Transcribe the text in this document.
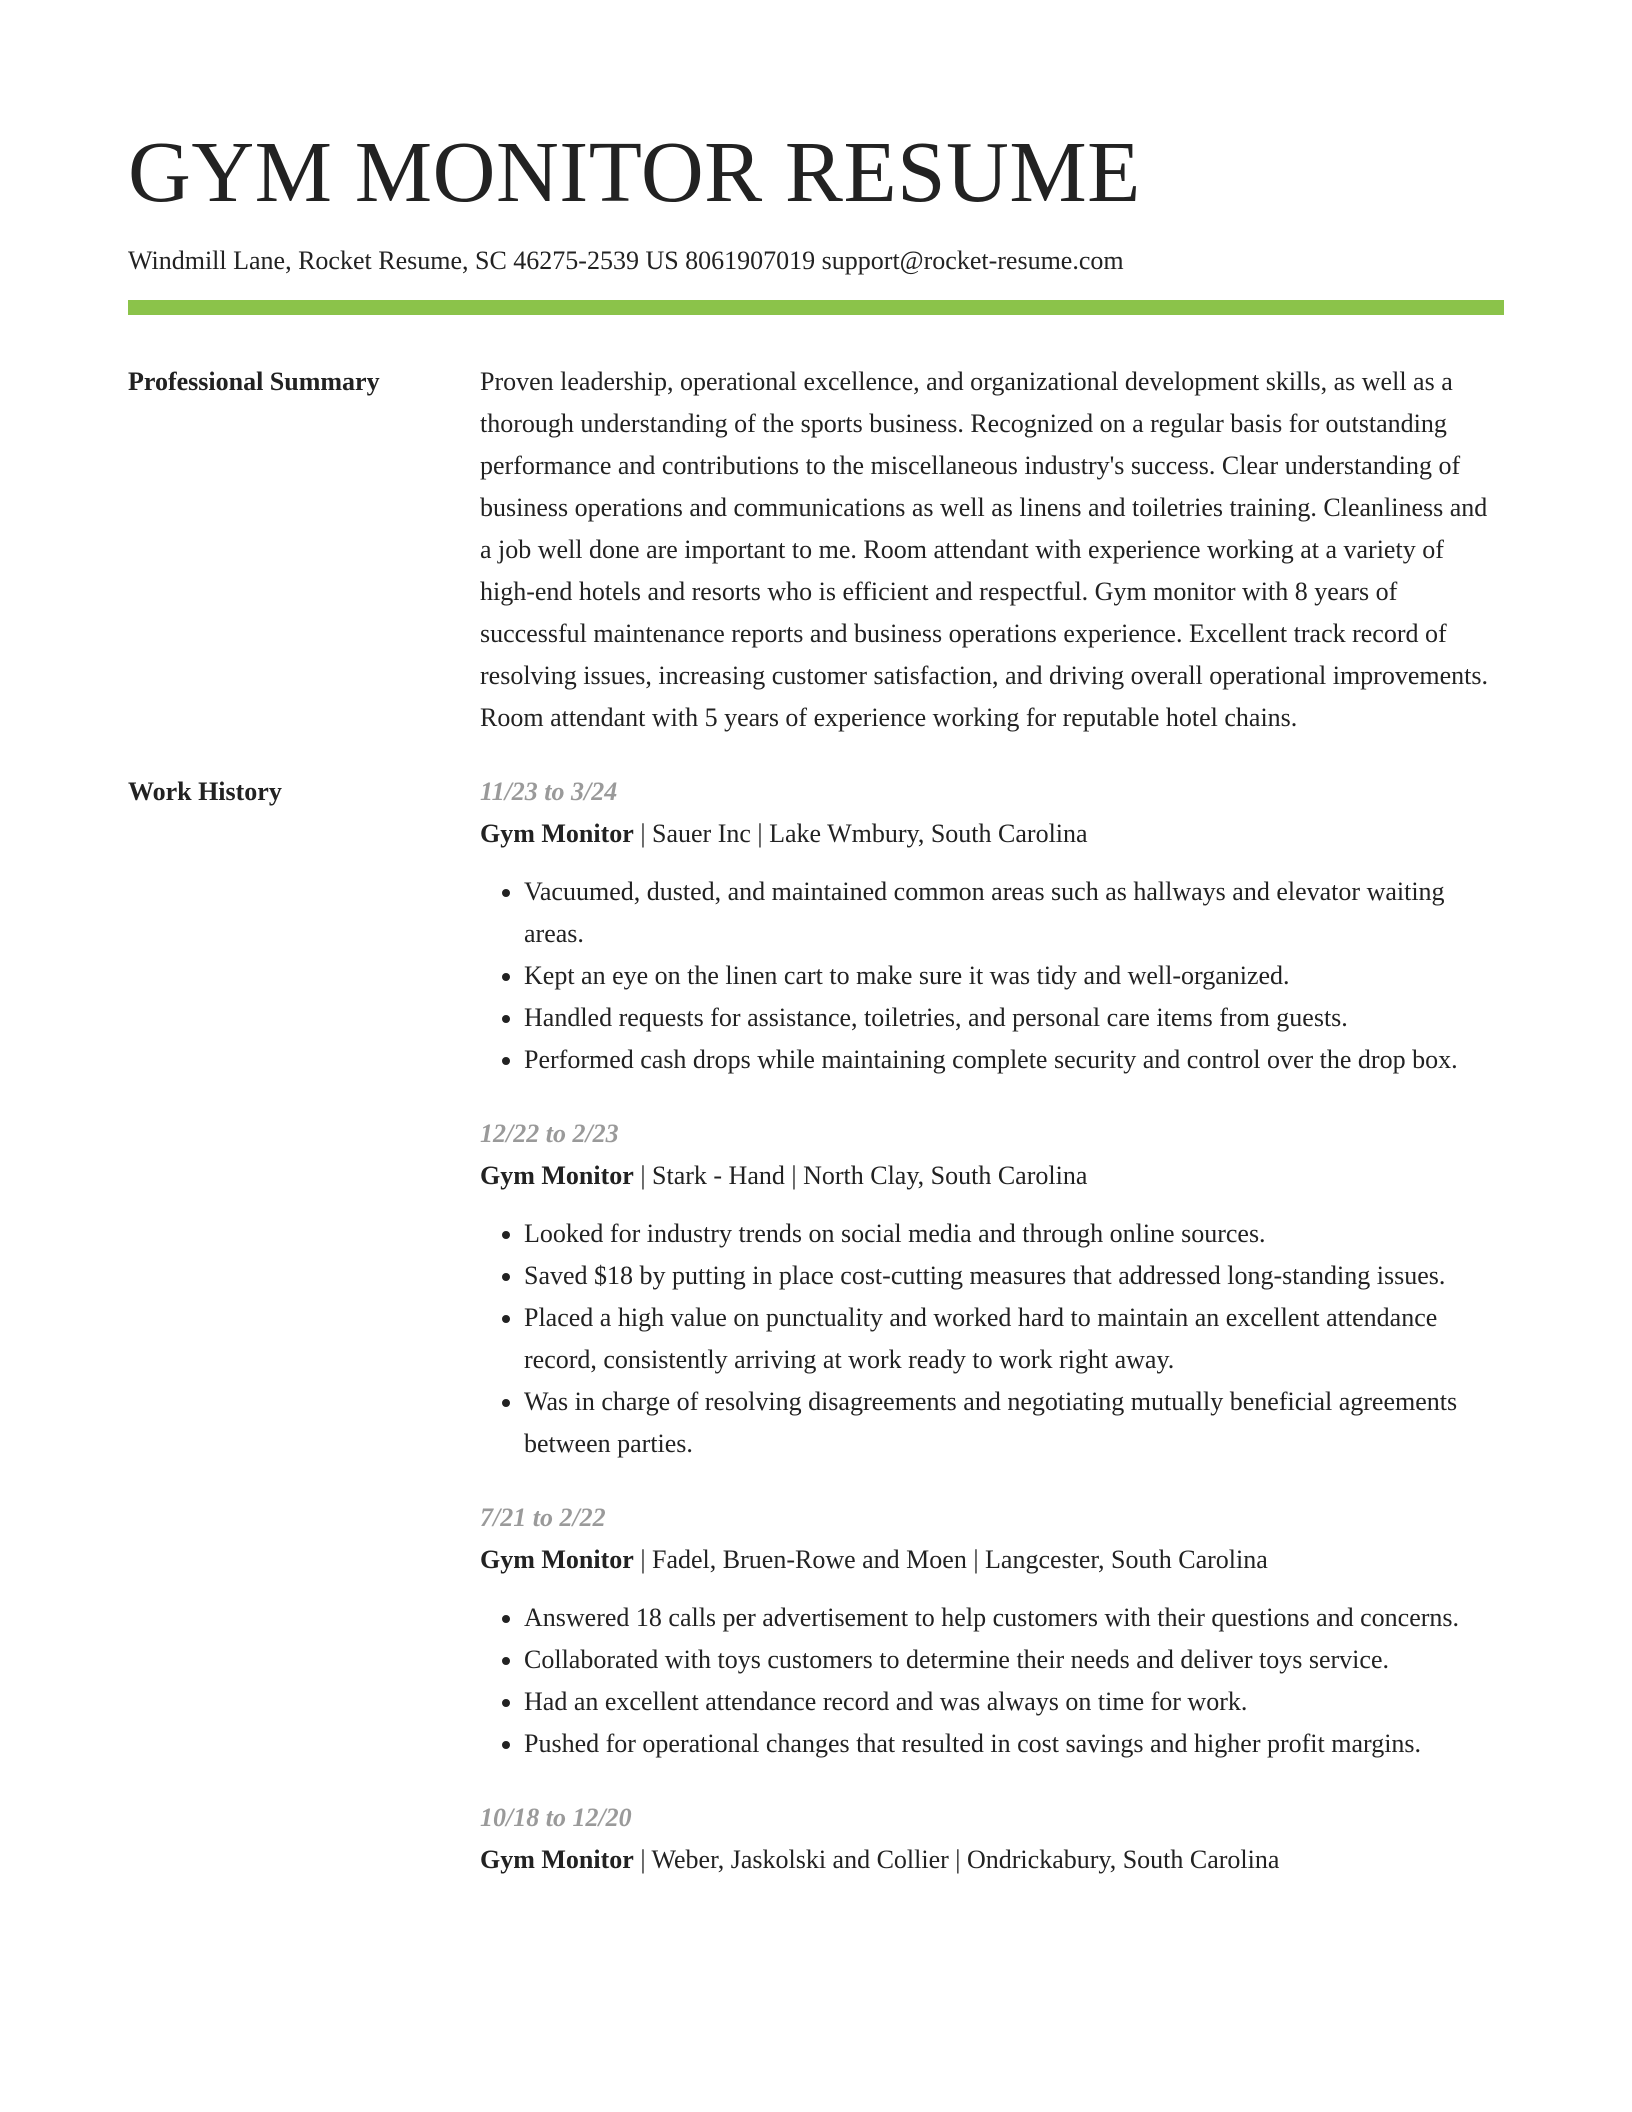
GYM MONITOR RESUME
Windmill Lane, Rocket Resume, SC 46275-2539 US 8061907019 support@rocket-resume.com
Professional Summary	Proven leadership, operational excellence, and organizational development skills, as well as a thorough understanding of the sports business. Recognized on a regular basis for outstanding performance and contributions to the miscellaneous industry's success. Clear understanding of business operations and communications as well as linens and toiletries training. Cleanliness and a job well done are important to me. Room attendant with experience working at a variety of high-end hotels and resorts who is efficient and respectful. Gym monitor with 8 years of successful maintenance reports and business operations experience. Excellent track record of resolving issues, increasing customer satisfaction, and driving overall operational improvements. Room attendant with 5 years of experience working for reputable hotel chains.
Work History	11/23 to 3/24
Gym Monitor | Sauer Inc | Lake Wmbury, South Carolina
• Vacuumed, dusted, and maintained common areas such as hallways and elevator waiting areas.
• Kept an eye on the linen cart to make sure it was tidy and well-organized.
• Handled requests for assistance, toiletries, and personal care items from guests.
• Performed cash drops while maintaining complete security and control over the drop box.
12/22 to 2/23
Gym Monitor | Stark - Hand | North Clay, South Carolina
• Looked for industry trends on social media and through online sources.
• Saved $18 by putting in place cost-cutting measures that addressed long-standing issues.
• Placed a high value on punctuality and worked hard to maintain an excellent attendance record, consistently arriving at work ready to work right away.
• Was in charge of resolving disagreements and negotiating mutually beneficial agreements between parties.
7/21 to 2/22
Gym Monitor | Fadel, Bruen-Rowe and Moen | Langcester, South Carolina
• Answered 18 calls per advertisement to help customers with their questions and concerns.
• Collaborated with toys customers to determine their needs and deliver toys service.
• Had an excellent attendance record and was always on time for work.
• Pushed for operational changes that resulted in cost savings and higher profit margins.
10/18 to 12/20
Gym Monitor | Weber, Jaskolski and Collier | Ondrickabury, South Carolina
